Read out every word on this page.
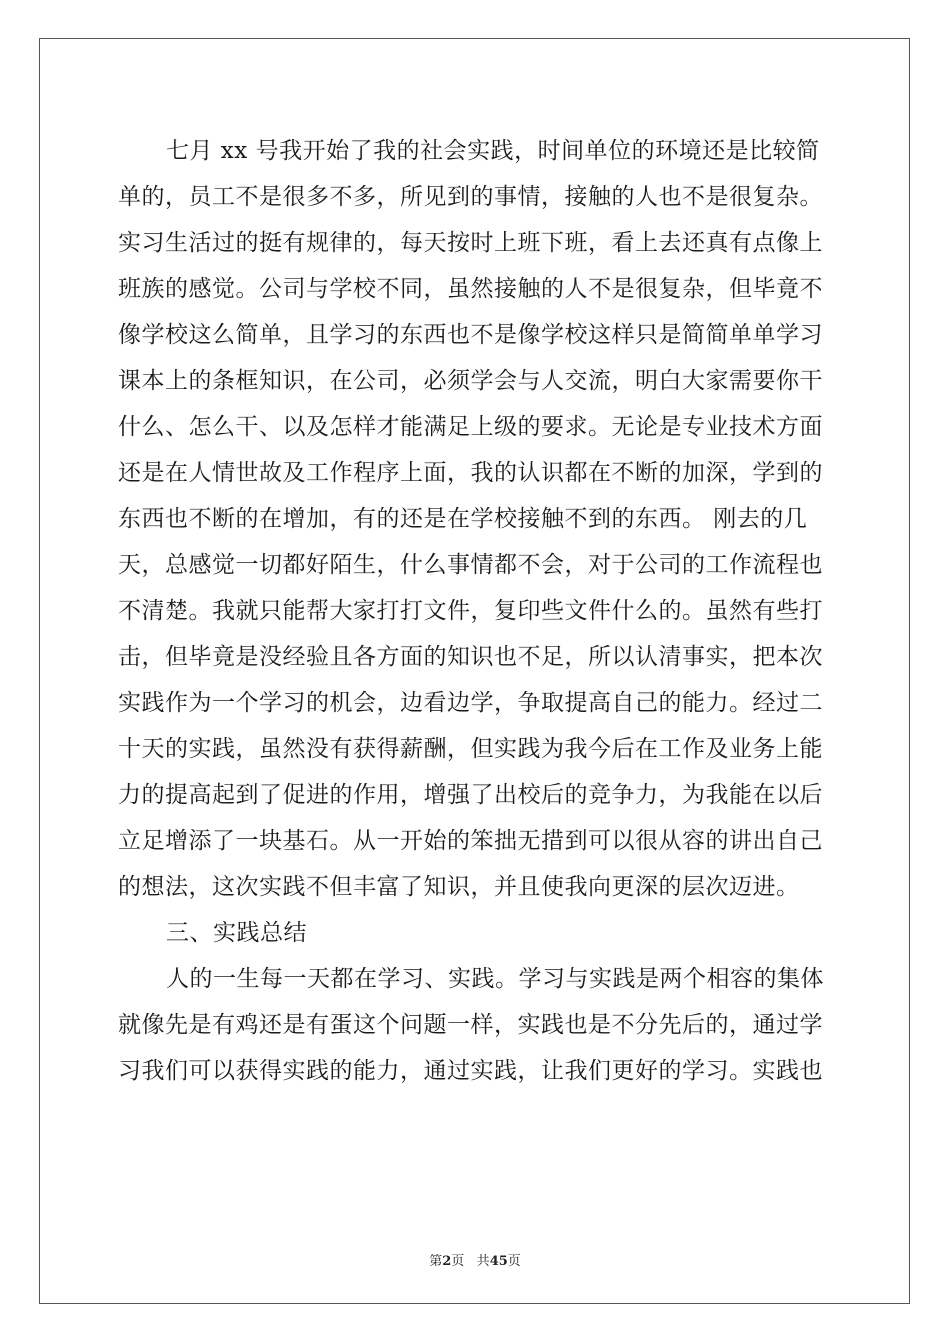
七月 xx 号我开始了我的社会实践，时间单位的环境还是比较简
单的，员工不是很多不多，所见到的事情，接触的人也不是很复杂。
实习生活过的挺有规律的，每天按时上班下班，看上去还真有点像上
班族的感觉。公司与学校不同，虽然接触的人不是很复杂，但毕竟不
像学校这么简单，且学习的东西也不是像学校这样只是简简单单学习
课本上的条框知识，在公司，必须学会与人交流，明白大家需要你干
什么、怎么干、以及怎样才能满足上级的要求。无论是专业技术方面
还是在人情世故及工作程序上面，我的认识都在不断的加深，学到的
东西也不断的在增加，有的还是在学校接触不到的东西。 刚去的几
天，总感觉一切都好陌生，什么事情都不会，对于公司的工作流程也
不清楚。我就只能帮大家打打文件，复印些文件什么的。虽然有些打
击，但毕竟是没经验且各方面的知识也不足，所以认清事实，把本次
实践作为一个学习的机会，边看边学，争取提高自己的能力。经过二
十天的实践，虽然没有获得薪酬，但实践为我今后在工作及业务上能
力的提高起到了促进的作用，增强了出校后的竞争力，为我能在以后
立足增添了一块基石。从一开始的笨拙无措到可以很从容的讲出自己
的想法，这次实践不但丰富了知识，并且使我向更深的层次迈进。
三、实践总结
人的一生每一天都在学习、实践。学习与实践是两个相容的集体
就像先是有鸡还是有蛋这个问题一样，实践也是不分先后的，通过学
习我们可以获得实践的能力，通过实践，让我们更好的学习。实践也
第2页 共45页
